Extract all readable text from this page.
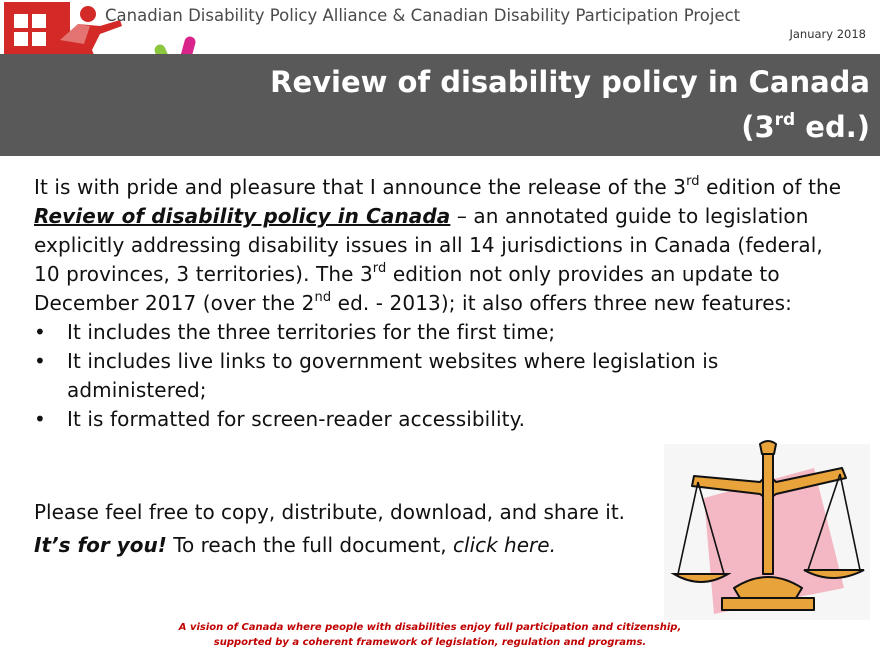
Canadian Disability Policy Alliance & Canadian Disability Participation Project
January 2018
Review of disability policy in Canada
(3rd ed.)

It is with pride and pleasure that I announce the release of the 3rd edition of the Review of disability policy in Canada – an annotated guide to legislation explicitly addressing disability issues in all 14 jurisdictions in Canada (federal, 10 provinces, 3 territories). The 3rd edition not only provides an update to December 2017 (over the 2nd ed. - 2013); it also offers three new features:

• It includes the three territories for the first time;
• It includes live links to government websites where legislation is administered;
• It is formatted for screen-reader accessibility.
Please feel free to copy, distribute, download, and share it. It’s for you! To reach the full document, click here.
A vision of Canada where people with disabilities enjoy full participation and citizenship,
supported by a coherent framework of legislation, regulation and programs.
